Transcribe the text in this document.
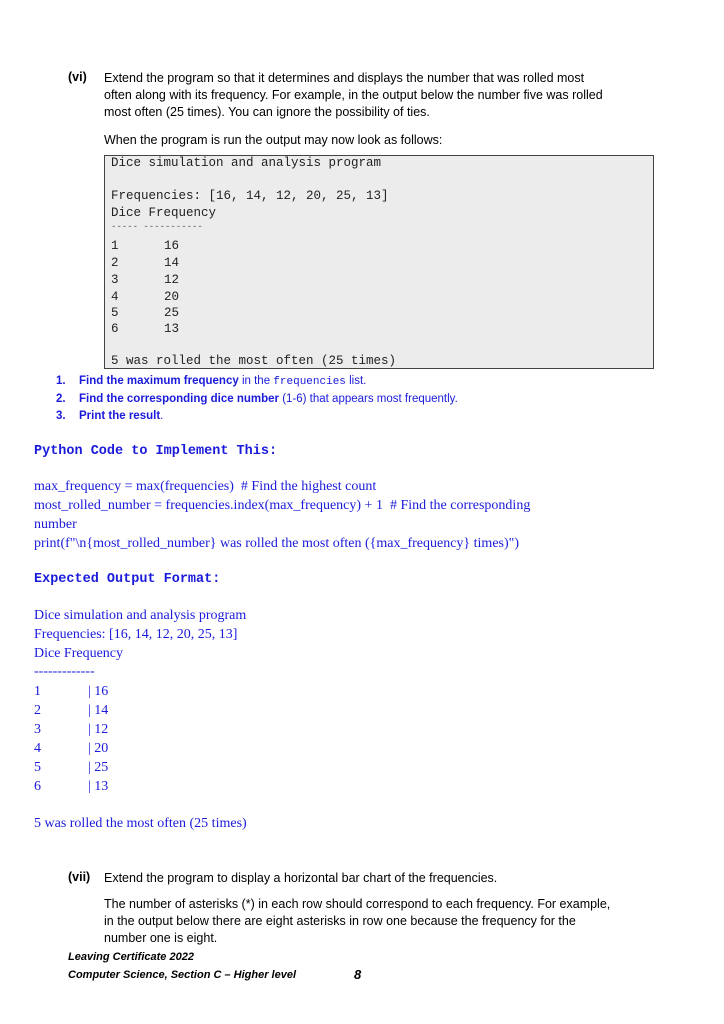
(vi) Extend the program so that it determines and displays the number that was rolled most
often along with its frequency. For example, in the output below the number five was rolled
most often (25 times). You can ignore the possibility of ties.
When the program is run the output may now look as follows:
Dice simulation and analysis program
Frequencies: [16, 14, 12, 20, 25, 13]
Dice Frequency
----- -----------
1	16
2	14
3	12
4	20
5	25
6	13
5 was rolled the most often (25 times)
1. Find the maximum frequency in the frequencies list.
2. Find the corresponding dice number (1-6) that appears most frequently.
3. Print the result.
Python Code to Implement This:
max_frequency = max(frequencies)  # Find the highest count
most_rolled_number = frequencies.index(max_frequency) + 1  # Find the corresponding
number
print(f"\n{most_rolled_number} was rolled the most often ({max_frequency} times)")
Expected Output Format:
Dice simulation and analysis program
Frequencies: [16, 14, 12, 20, 25, 13]
Dice Frequency
-------------
1	| 16
2	| 14
3	| 12
4	| 20
5	| 25
6	| 13
5 was rolled the most often (25 times)
(vii) Extend the program to display a horizontal bar chart of the frequencies.
The number of asterisks (*) in each row should correspond to each frequency. For example,
in the output below there are eight asterisks in row one because the frequency for the
number one is eight.
Leaving Certificate 2022
Computer Science, Section C – Higher level	8
